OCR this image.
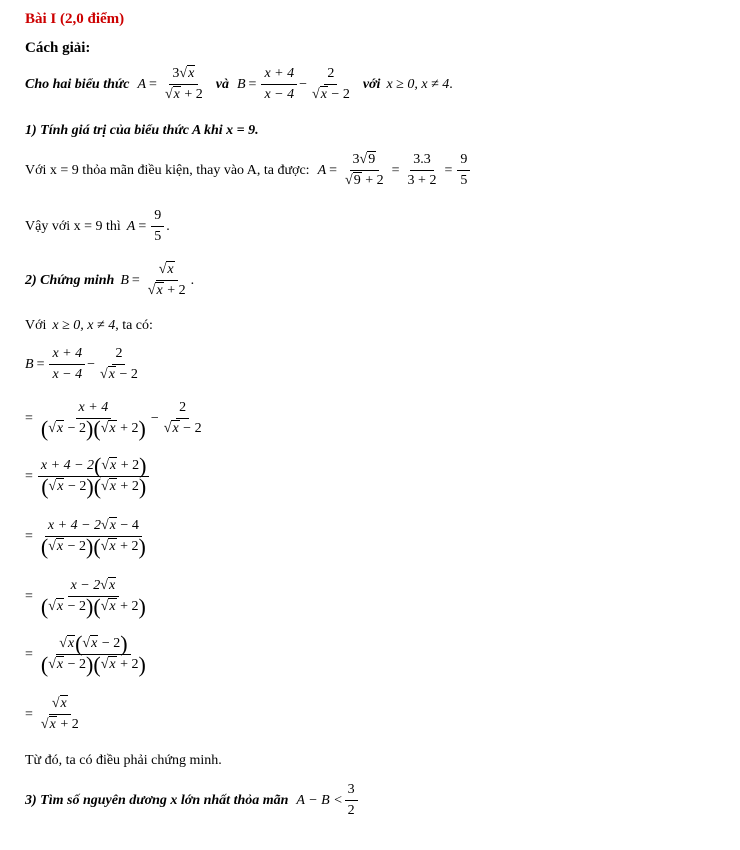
Bài I (2,0 điểm)
Cách giải:
Cho hai biểu thức $A = \frac{3√x}{√x + 2}$ và $B = \frac{x + 4}{x - 4} - \frac{2}{√x - 2}$ với x ≥ 0, x ≠ 4 .
1) Tính giá trị của biểu thức A khi x = 9.
Với x = 9 thỏa mãn điều kiện, thay vào A, ta được: $A = \frac{3√9}{√9 + 2} = \frac{3.3}{3 + 2} = \frac{9}{5}$
Vậy với x = 9 thì $A = \frac{9}{5}$ .
2) Chứng minh $B = \frac{√x}{√x + 2}$ .
Với x ≥ 0, x ≠ 4 , ta có:
$B = \frac{x + 4}{x - 4} - \frac{2}{√x - 2}$
= $\frac{x + 4}{(√x - 2)(√x + 2)} - \frac{2}{√x - 2}$
= $\frac{x + 4 - 2(√x + 2)}{(√x - 2)(√x + 2)}$
= $\frac{x + 4 - 2√x - 4}{(√x - 2)(√x + 2)}$
= $\frac{x - 2√x}{(√x - 2)(√x + 2)}$
= $\frac{√x(√x - 2)}{(√x - 2)(√x + 2)}$
= $\frac{√x}{√x + 2}$
Từ đó, ta có điều phải chứng minh.
3) Tìm số nguyên dương x lớn nhất thỏa mãn $A - B < \frac{3}{2}$
